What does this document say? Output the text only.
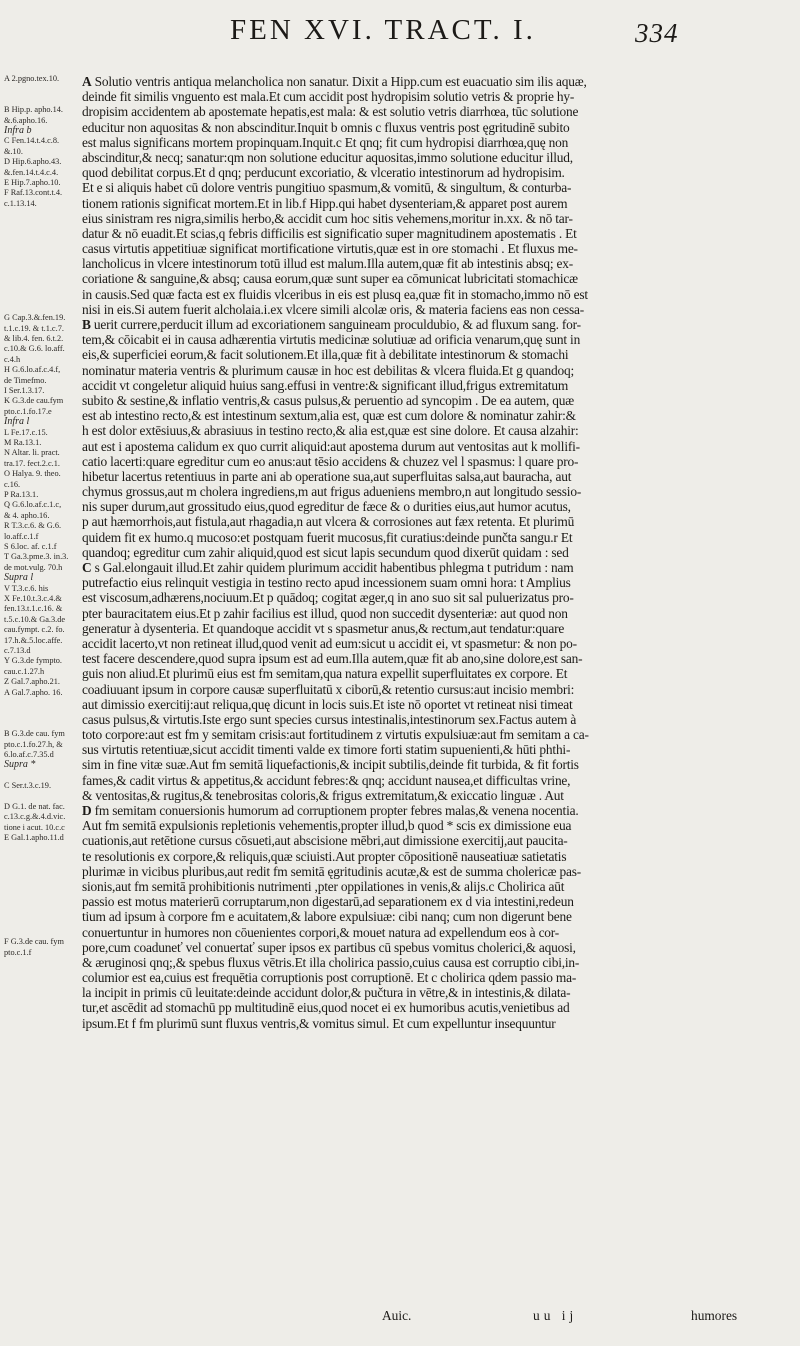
FEN XVI. TRACT. I.	334
A 2.pgno.tex.10.
B Hip.p. apho.14.
&.6.apho.16.
Infra b
C Fen.14.t.4.c.8.
&.10.
D Hip.6.apho.43.
&.fen.14.t.4.c.4.
E Hip.7.apho.10.
F Raf.13.cont.t.4.
c.1.13.14.
G Cap.3.&.fen.19.
t.1.c.19. & t.1.c.7.
& lib.4. fen. 6.t.2.
c.10.& G.6. lo.aff.
c.4.h
H G.6.lo.af.c.4.f,
de Timefmo.
I Ser.1.3.17.
K G.3.de cau.fym
pto.c.1.fo.17.e
Infra l
L Fe.17.c.15.
M Ra.13.1.
N Altar. li. pract.
tra.17. fect.2.c.1.
O Halya. 9. theo.
c.16.
P Ra.13.1.
Q G.6.lo.af.c.1.c,
& 4. apho.16.
R T.3.c.6. & G.6.
lo.aff.c.1.f
S 6.loc. af. c.1.f
T Ga.3.pme.3. in.3.
de mot.vulg. 70.h
Supra l
V T.3.c.6. his
X Fe.10.t.3.c.4.&
fen.13.t.1.c.16. &
t.5.c.10.& Ga.3.de
cau.fympt. c.2. fo.
17.h.&.5.loc.affe.
c.7.13.d
Y G.3.de fympto.
cau.c.1.27.h
Z Gal.7.apho.21.
A Gal.7.apho. 16.
B G.3.de cau. fym
pto.c.1.fo.27.h, &
6.lo.af.c.7.35.d
Supra *
C Ser.t.3.c.19.
D G.1. de nat. fac.
c.13.c.g.&.4.d.vic.
tione i acut. 10.c.c
E Gal.1.apho.11.d
F G.3.de cau. fym
pto.c.1.f
A Solutio ventris antiqua melancholica non sanatur. Dixit a Hipp.cum est euacuatio sim ilis aquæ,
deinde fit similis vnguento est mala.Et cum accidit post hydropisim solutio vetris & proprie hy-
dropisim accidentem ab apostemate hepatis,est mala: & est solutio vetris diarrhœa, tūc solutione
educitur non aquositas & non abscinditur.Inquit b omnis c fluxus ventris post ęgritudinē subito
est malus significans mortem propinquam.Inquit.c Et qnq; fit cum hydropisi diarrhœa,quę non
abscinditur,& necq; sanatur:qm non solutione educitur aquositas,immo solutione educitur illud,
quod debilitat corpus.Et d qnq; perducunt excoriatio, & vlceratio intestinorum ad hydropisim.
Et e si aliquis habet cū dolore ventris pungitiuo spasmum,& vomitū, & singultum, & conturba-
tionem rationis significat mortem.Et in lib.f Hipp.qui habet dysenteriam,& apparet post aurem
eius sinistram res nigra,similis herbo,& accidit cum hoc sitis vehemens,moritur in.xx. & nō tar-
datur & nō euadit.Et scias,q febris difficilis est significatio super magnitudinem apostematis . Et
casus virtutis appetitiuæ significat mortificatione virtutis,quæ est in ore stomachi . Et fluxus me-
lancholicus in vlcere intestinorum totū illud est malum.Illa autem,quæ fit ab intestinis absq; ex-
coriatione & sanguine,& absq; causa eorum,quæ sunt super ea cōmunicat lubricitati stomachicæ
in causis.Sed quæ facta est ex fluidis vlceribus in eis est plusq ea,quæ fit in stomacho,immo nō est
nisi in eis.Si autem fuerit alcholaia.i.ex vlcere simili alcolæ oris, & materia faciens eas non cessa-
B uerit currere,perducit illum ad excoriationem sanguineam proculdubio, & ad fluxum sang. for-
tem,& cōicabit ei in causa adhærentia virtutis medicinæ solutiuæ ad orificia venarum,quę sunt in
eis,& superficiei eorum,& facit solutionem.Et illa,quæ fit à debilitate intestinorum & stomachi
nominatur materia ventris & plurimum causæ in hoc est debilitas & vlcera fluida.Et g quandoq;
accidit vt congeletur aliquid huius sang.effusi in ventre:& significant illud,frigus extremitatum
subito & sestine,& inflatio ventris,& casus pulsus,& peruentio ad syncopim . De ea autem, quæ
est ab intestino recto,& est intestinum sextum,alia est, quæ est cum dolore & nominatur zahir:&
h est dolor extēsiuus,& abrasiuus in testino recto,& alia est,quæ est sine dolore. Et causa alzahir:
aut est i apostema calidum ex quo currit aliquid:aut apostema durum aut ventositas aut k mollifi-
catio lacerti:quare egreditur cum eo anus:aut tēsio accidens & chuzez vel l spasmus: l quare pro-
hibetur lacertus retentiuus in parte ani ab operatione sua,aut superfluitas salsa,aut bauracha, aut
chymus grossus,aut m cholera ingrediens,m aut frigus adueniens membro,n aut longitudo sessio-
nis super durum,aut grossitudo eius,quod egreditur de fæce & o durities eius,aut humor acutus,
p aut hæmorrhois,aut fistula,aut rhagadia,n aut vlcera & corrosiones aut fæx retenta. Et plurimū
quidem fit ex humo.q mucoso:et postquam fuerit mucosus,fit curatius:deinde punčta sangu.r Et
quandoq; egreditur cum zahir aliquid,quod est sicut lapis secundum quod dixerūt quidam : sed
C s Gal.elongauit illud.Et zahir quidem plurimum accidit habentibus phlegma t putridum : nam
putrefactio eius relinquit vestigia in testino recto apud incessionem suam omni hora: t Amplius
est viscosum,adhærens,nociuum.Et p quādoq; cogitat æger,q in ano suo sit sal puluerizatus pro-
pter bauracitatem eius.Et p zahir facilius est illud, quod non succedit dysenteriæ: aut quod non
generatur à dysenteria. Et quandoque accidit vt s spasmetur anus,& rectum,aut tendatur:quare
accidit lacerto,vt non retineat illud,quod venit ad eum:sicut u accidit ei, vt spasmetur: & non po-
test facere descendere,quod supra ipsum est ad eum.Illa autem,quæ fit ab ano,sine dolore,est san-
guis non aliud.Et plurimū eius est fm semitam,qua natura expellit superfluitates ex corpore. Et
coadiuuant ipsum in corpore causæ superfluitatū x ciborū,& retentio cursus:aut incisio membri:
aut dimissio exercitij:aut reliqua,quę dicunt in locis suis.Et iste nō oportet vt retineat nisi timeat
casus pulsus,& virtutis.Iste ergo sunt species cursus intestinalis,intestinorum sex.Factus autem à
toto corpore:aut est fm y semitam crisis:aut fortitudinem z virtutis expulsiuæ:aut fm semitam a ca-
sus virtutis retentiuæ,sicut accidit timenti valde ex timore forti statim supuenienti,& hūti phthi-
sim in fine vitæ suæ.Aut fm semitā liquefactionis,& incipit subtilis,deinde fit turbida, & fit fortis
fames,& cadit virtus & appetitus,& accidunt febres:& qnq; accidunt nausea,et difficultas vrine,
& ventositas,& rugitus,& tenebrositas coloris,& frigus extremitatum,& exiccatio linguæ . Aut
D fm semitam conuersionis humorum ad corruptionem propter febres malas,& venena nocentia.
Aut fm semitā expulsionis repletionis vehementis,propter illud,b quod * scis ex dimissione eua
cuationis,aut retētione cursus cōsueti,aut abscisione mēbri,aut dimissione exercitij,aut paucita-
te resolutionis ex corpore,& reliquis,quæ sciuisti.Aut propter cōpositionē nauseatiuæ satietatis
plurimæ in vicibus pluribus,aut redit fm semitā ęgritudinis acutæ,& est de summa cholericæ pas-
sionis,aut fm semitā prohibitionis nutrimenti ,pter oppilationes in venis,& alijs.c Cholirica aūt
passio est motus materierū corruptarum,non digestarū,ad separationem ex d via intestini,redeun
tium ad ipsum à corpore fm e acuitatem,& labore expulsiuæ: cibi nanq; cum non digerunt bene
conuertuntur in humores non cōuenientes corpori,& mouet natura ad expellendum eos à cor-
pore,cum coaduneť vel conuertať super ipsos ex partibus cū spebus vomitus cholerici,& aquosi,
& æruginosi qnq;,& spebus fluxus vētris.Et illa cholirica passio,cuius causa est corruptio cibi,in-
columior est ea,cuius est frequētia corruptionis post corruptionē. Et c cholirica qdem passio ma-
la incipit in primis cū leuitate:deinde accidunt dolor,& pučtura in vētre,& in intestinis,& dilata-
tur,et ascēdit ad stomachū pp multitudinē eius,quod nocet ei ex humoribus acutis,venietibus ad
ipsum.Et f fm plurimū sunt fluxus ventris,& vomitus simul. Et cum expelluntur insequuntur
Auic.	uu ij	humores
